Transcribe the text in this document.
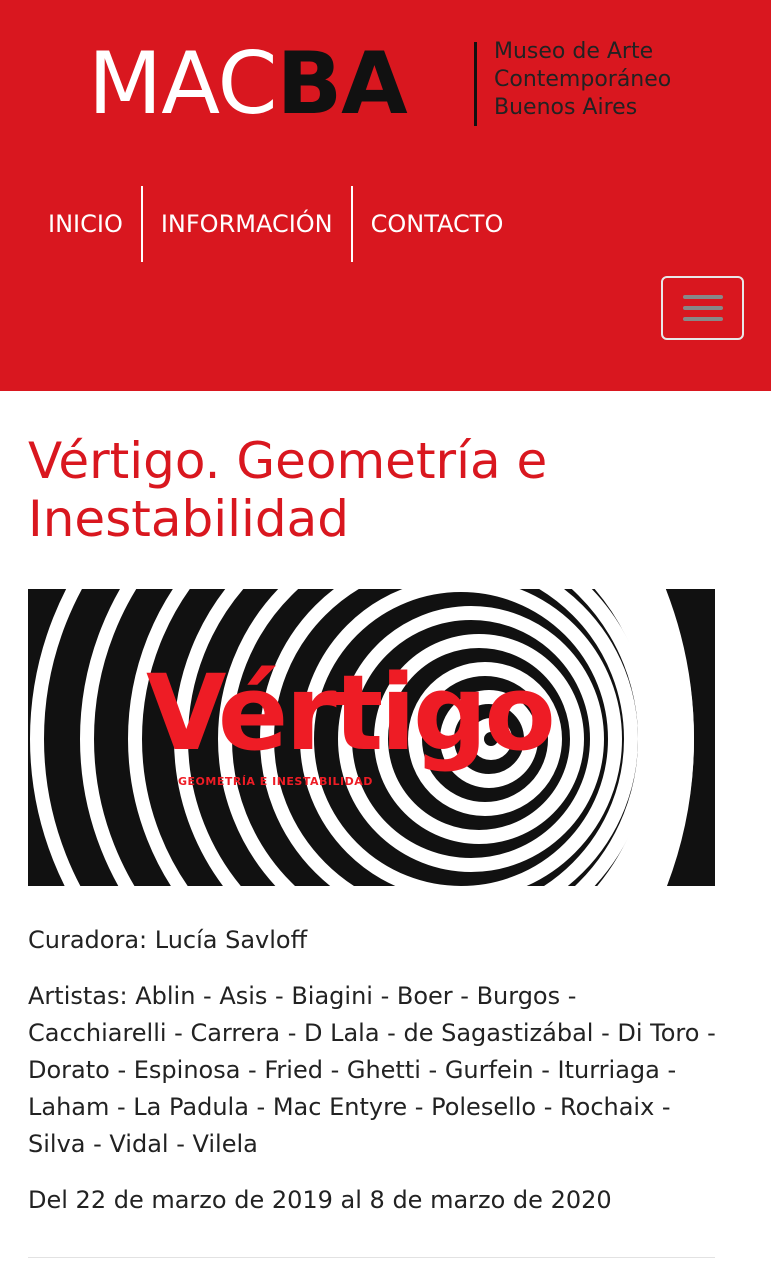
MACBA	Museo de Arte
Contemporáneo
Buenos Aires
INICIO	INFORMACIÓN	CONTACTO
Vértigo. Geometría e Inestabilidad
Vértigo
GEOMETRÍA E INESTABILIDAD

Curadora: Lucía Savloff

Artistas: Ablin - Asis - Biagini - Boer - Burgos - Cacchiarelli - Carrera - D Lala - de Sagastizábal - Di Toro - Dorato - Espinosa - Fried - Ghetti - Gurfein - Iturriaga - Laham - La Padula - Mac Entyre - Polesello - Rochaix - Silva - Vidal - Vilela

Del 22 de marzo de 2019 al 8 de marzo de 2020
